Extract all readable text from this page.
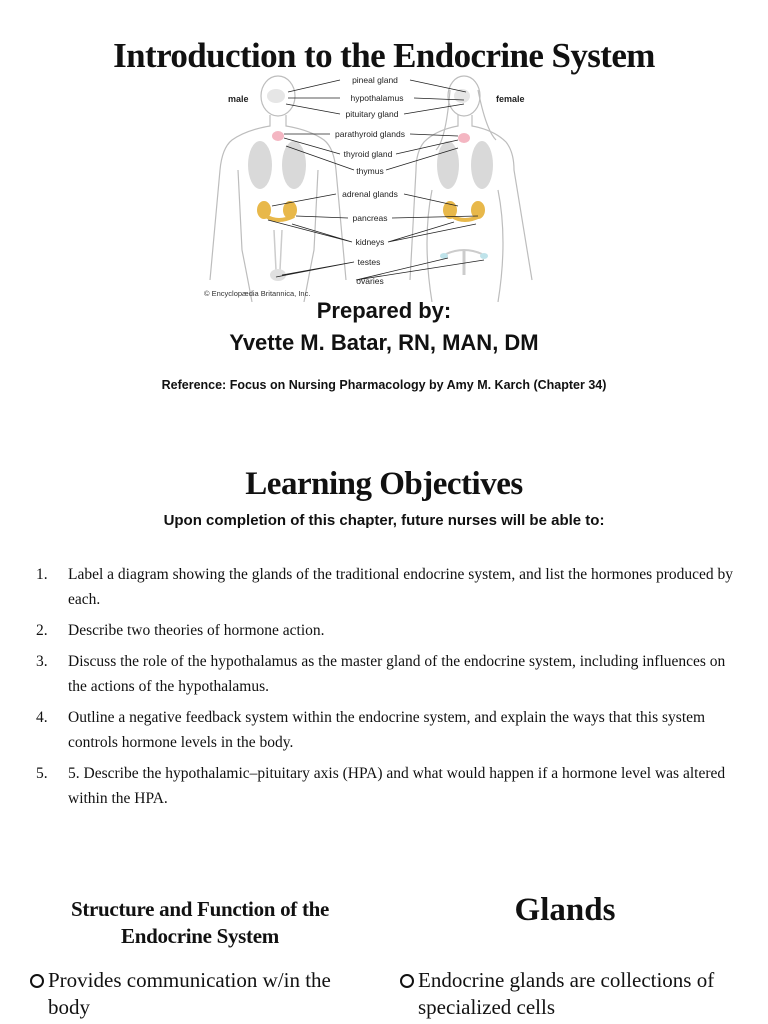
Introduction to the Endocrine System
male	female
pineal gland
hypothalamus
pituitary gland
parathyroid glands
thyroid gland
thymus
adrenal glands
pancreas
kidneys
testes
ovaries
© Encyclopædia Britannica, Inc.
Prepared by:
Yvette M. Batar, RN, MAN, DM
Reference: Focus on Nursing Pharmacology by Amy M. Karch (Chapter 34)
Learning Objectives
Upon completion of this chapter, future nurses will be able to:
1.	Label a diagram showing the glands of the traditional endocrine system, and list the hormones produced by each.
2.	Describe two theories of hormone action.
3.	Discuss the role of the hypothalamus as the master gland of the endocrine system, including influences on the actions of the hypothalamus.
4.	Outline a negative feedback system within the endocrine system, and explain the ways that this system controls hormone levels in the body.
5.	5. Describe the hypothalamic–pituitary axis (HPA) and what would happen if a hormone level was altered within the HPA.
Structure and Function of the Endocrine System
Glands
Provides communication w/in the body
Endocrine glands are collections of specialized cells
